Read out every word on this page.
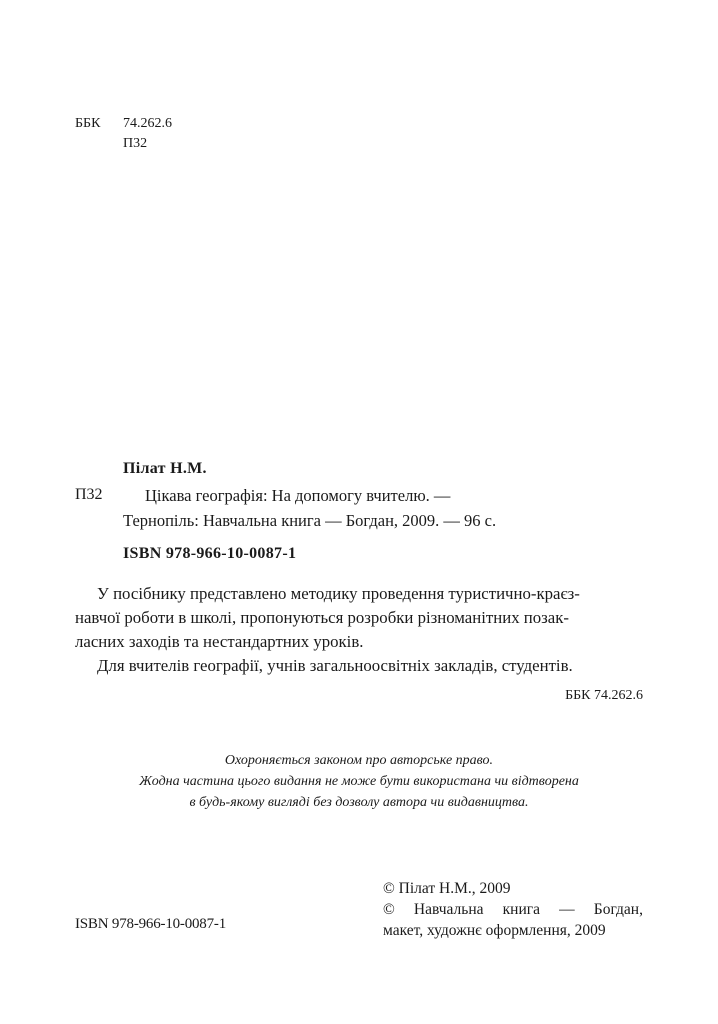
ББК 74.262.6
П32
Пілат Н.М.
П32	Цікава географія: На допомогу вчителю. —
Тернопіль: Навчальна книга — Богдан, 2009. — 96 с.
ISBN 978-966-10-0087-1

У посібнику представлено методику проведення туристично-краєз-
навчої роботи в школі, пропонуються розробки різноманітних позак-
ласних заходів та нестандартних уроків.

Для вчителів географії, учнів загальноосвітніх закладів, студентів.

ББК 74.262.6
Охороняється законом про авторське право.
Жодна частина цього видання не може бути використана чи відтворена
в будь-якому вигляді без дозволу автора чи видавництва.
ISBN 978-966-10-0087-1
© Пілат Н.М., 2009
© Навчальна книга — Богдан,
макет, художнє оформлення, 2009
